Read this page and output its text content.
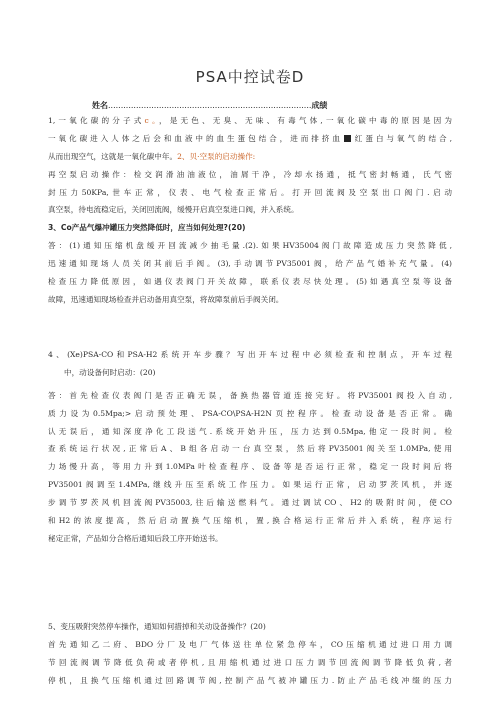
PSA中控试卷D
姓名................................................................................成绩
1,一氧化碳的分子式c。，是无色、无臭、无味、有毒气体,一氧化碳中毒的原因是因为
一氧化碳进入人体之后会和血液中的血生蛋包结合，进而排挤血 红蛋白与氧气的结合,
从而出现空气，这就是一氧化碳中年。2、贝·空泵的启动操作:
再空泵启动操作：检交润滑油油液位，油屑干净，冷却水扬通，抵气密封畅通，氏气密
封压力50KPa,世车正常，仪表、电气检查正常后。打开回流阀及空泵出口阀门.启动
真空泵，待电流稳定后，关闭回流阀，缓慢开启真空泵进口阀，并入系统。
3、Co产品气爆冲罐压力突然降低时，应当如何处理?(20)
答：(1)通知压缩机盘缓开回流减少抽毛量.(2).如果HV35004阀门故障造成压力突然降低,
迅速通知现场人员关闭其前后手阀。(3),手动调节PV35001阀，给产品气婚补充气量。(4)
检查压力降低原因，如遇仪表阀门开关故障，联系仪表尽快处理。(5)如遇真空泵等设备
故障，迅速通知现场检查并启动备用真空泵，将故障泵前后手阀关闭。
4、(Xe)PSA-CO和PSA-H2系统开车步骤？写出开车过程中必须检查和控制点，开车过程
中，动设备何时启动：(20)
答：首先检查仪表阀门是否正确无误，备换热器管道连接完好。将PV35001阀投入自动,
质力设为0.5Mpa;>启动预处理、PSA-CO\PSA-H2N页控程序。检查动设备是否正常。确
认无误后，通知深度净化工段送气.系统开始升压，压力达到0.5Mpa,他定一段时间。检
查系统运行状况,正常后A、B组各启动一台真空泵，然后将PV35001阀关至1.0MPa,使用
力场慢升高，等用力升到1.0MPa叶检查程序、设备等是否运行正常，稳定一段时间后将
PV35001阀调至1.4MPa,继线升压至系统工作压力。如果运行正常，启动罗茨风机，并逐
步调节罗茨风机回流阀PV35003,往后输送燃料气。通过调试CO、H2的吸附时间，使CO
和H2的浓度提高，然后启动置换气压缩机，置,换合格运行正常后并入系统，程序运行
秘定正常，产品如分合格后通知后段工序开始送书。
5、变压吸附突然停车操作，通知如何措掉和关动设备操作？(20)
首先通知乙二府、BDO分厂及电厂气体送往单位紧急停车，CO压缩机通过进口用力调
节回流阀调节降低负荷或者停机,且用缩机通过进口压力调节回流阀调节降低负荷,者
停机，且换气压缩机通过回路调节阀,控制产品气被冲罐压力.防止产品毛线冲缀的压力
